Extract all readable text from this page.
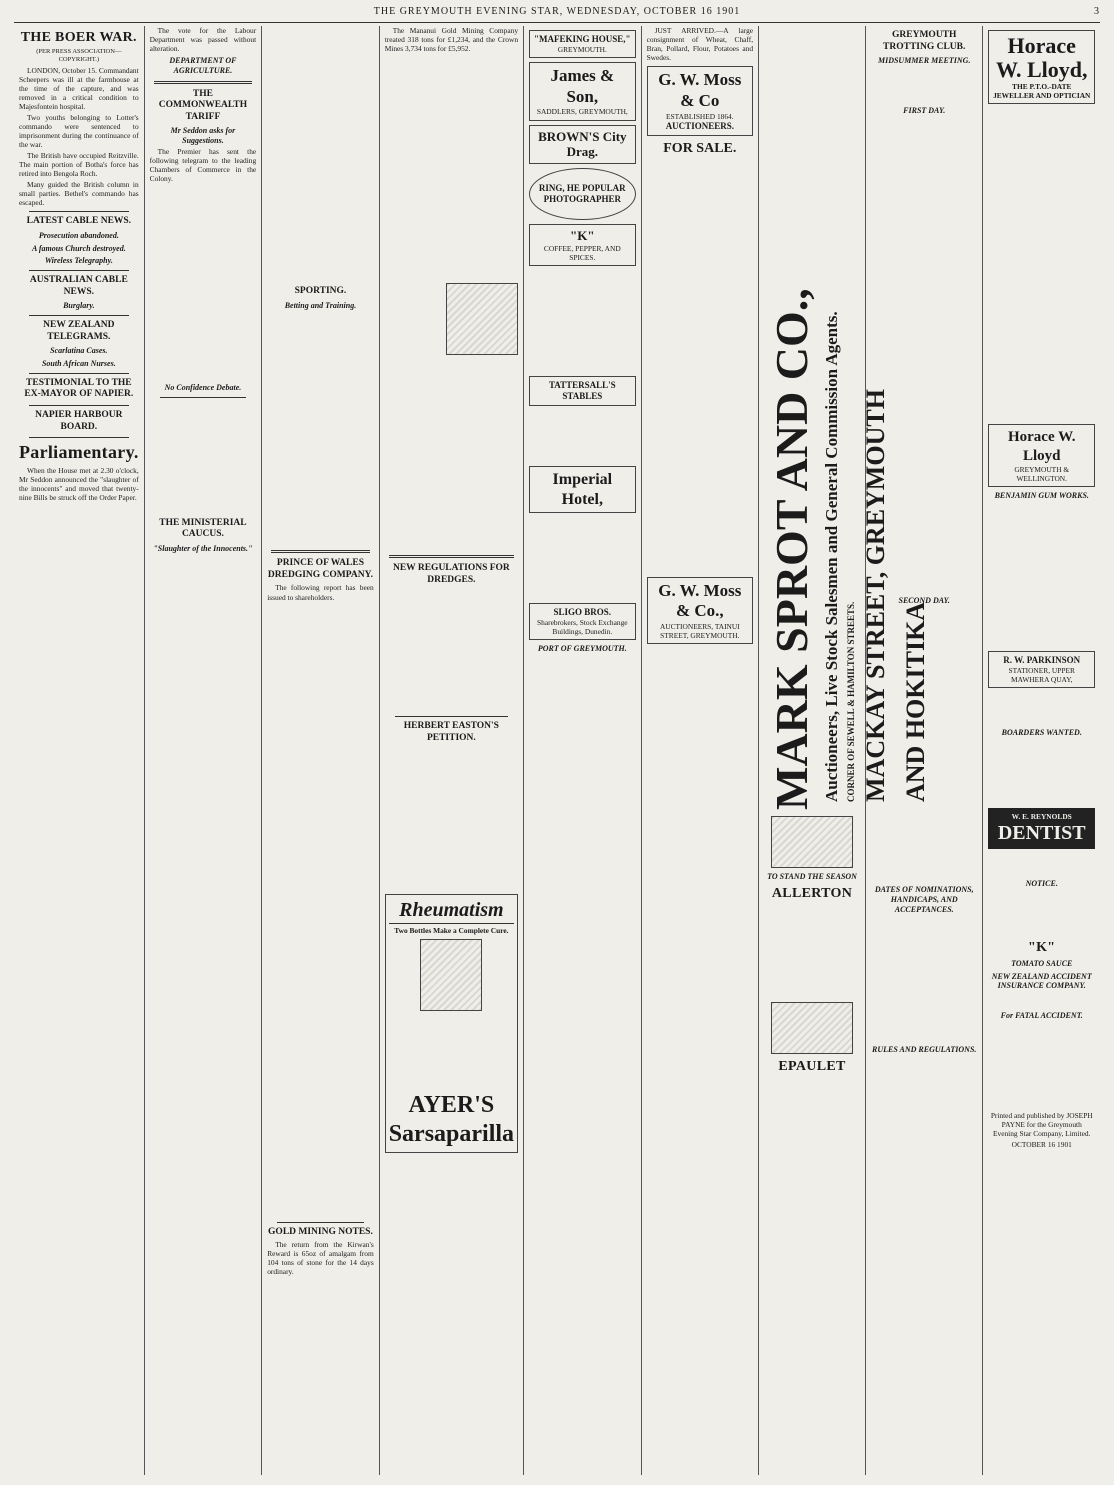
THE GREYMOUTH EVENING STAR, WEDNESDAY, OCTOBER 16 1901	3
THE BOER WAR.
(PER PRESS ASSOCIATION—COPYRIGHT.)

LONDON, October 15. Commandant Scheepers was ill at the farmhouse at the time of the capture, and was removed in a critical condition to Majesfontein hospital.

Two youths belonging to Lotter's commando were sentenced to imprisonment during the continuance of the war.

The British have occupied Reitzville. The main portion of Botha's force has retired into Bengola Roch.

Many guided the British column in small parties. Bethel's commando has escaped.

LATEST CABLE NEWS.
Prosecution abandoned.
A famous Church destroyed.
Wireless Telegraphy.
AUSTRALIAN CABLE NEWS.
Burglary.
NEW ZEALAND TELEGRAMS.
Scarlatina Cases.
South African Nurses.
TESTIMONIAL TO THE EX-MAYOR OF NAPIER.
NAPIER HARBOUR BOARD.
Parliamentary.

When the House met at 2.30 o'clock, Mr Seddon announced the "slaughter of the innocents" and moved that twenty-nine Bills be struck off the Order Paper.

The vote for the Labour Department was passed without alteration.

DEPARTMENT OF AGRICULTURE.
THE COMMONWEALTH TARIFF
Mr Seddon asks for Suggestions.

The Premier has sent the following telegram to the leading Chambers of Commerce in the Colony.

No Confidence Debate.
THE MINISTERIAL CAUCUS.
"Slaughter of the Innocents."
SPORTING.
Betting and Training.
PRINCE OF WALES DREDGING COMPANY.

The following report has been issued to shareholders.

GOLD MINING NOTES.

The return from the Kirwan's Reward is 65oz of amalgam from 104 tons of stone for the 14 days ordinary.

The Mananui Gold Mining Company treated 318 tons for £1,234, and the Crown Mines 3,734 tons for £5,952.

NEW REGULATIONS FOR DREDGES.
HERBERT EASTON'S PETITION.
Rheumatism
Two Bottles Make a Complete Cure.
AYER'S Sarsaparilla
"MAFEKING HOUSE,"
GREYMOUTH.
James & Son,
SADDLERS, GREYMOUTH,
BROWN'S City Drag.
RING, HE POPULAR PHOTOGRAPHER
"K"
COFFEE, PEPPER, AND SPICES.
TATTERSALL'S STABLES
Imperial Hotel,
SLIGO BROS.
Sharebrokers, Stock Exchange Buildings, Dunedin.
PORT OF GREYMOUTH.

JUST ARRIVED.—A large consignment of Wheat, Chaff, Bran, Pollard, Flour, Potatoes and Swedes.

G. W. Moss & Co
ESTABLISHED 1864.
AUCTIONEERS.
FOR SALE.
G. W. Moss & Co.,
AUCTIONEERS, TAINUI STREET, GREYMOUTH. MARK SPROT AND CO., Auctioneers, Live Stock Salesmen and General Commission Agents. CORNER OF SEWELL & HAMILTON STREETS. MACKAY STREET, GREYMOUTH AND HOKITIKA
TO STAND THE SEASON
ALLERTON
EPAULET
GREYMOUTH TROTTING CLUB.
MIDSUMMER MEETING.
FIRST DAY.
SECOND DAY.
DATES OF NOMINATIONS, HANDICAPS, AND ACCEPTANCES.
RULES AND REGULATIONS.
Horace W. Lloyd,
THE P.T.O.-DATE JEWELLER AND OPTICIAN
Horace W. Lloyd
GREYMOUTH & WELLINGTON.
BENJAMIN GUM WORKS.
R. W. PARKINSON
STATIONER, UPPER MAWHERA QUAY,
BOARDERS WANTED.
W. E. REYNOLDS
DENTIST
NOTICE.
"K"
TOMATO SAUCE
NEW ZEALAND ACCIDENT INSURANCE COMPANY.
For FATAL ACCIDENT.

Printed and published by JOSEPH PAYNE for the Greymouth Evening Star Company, Limited.

OCTOBER 16 1901
